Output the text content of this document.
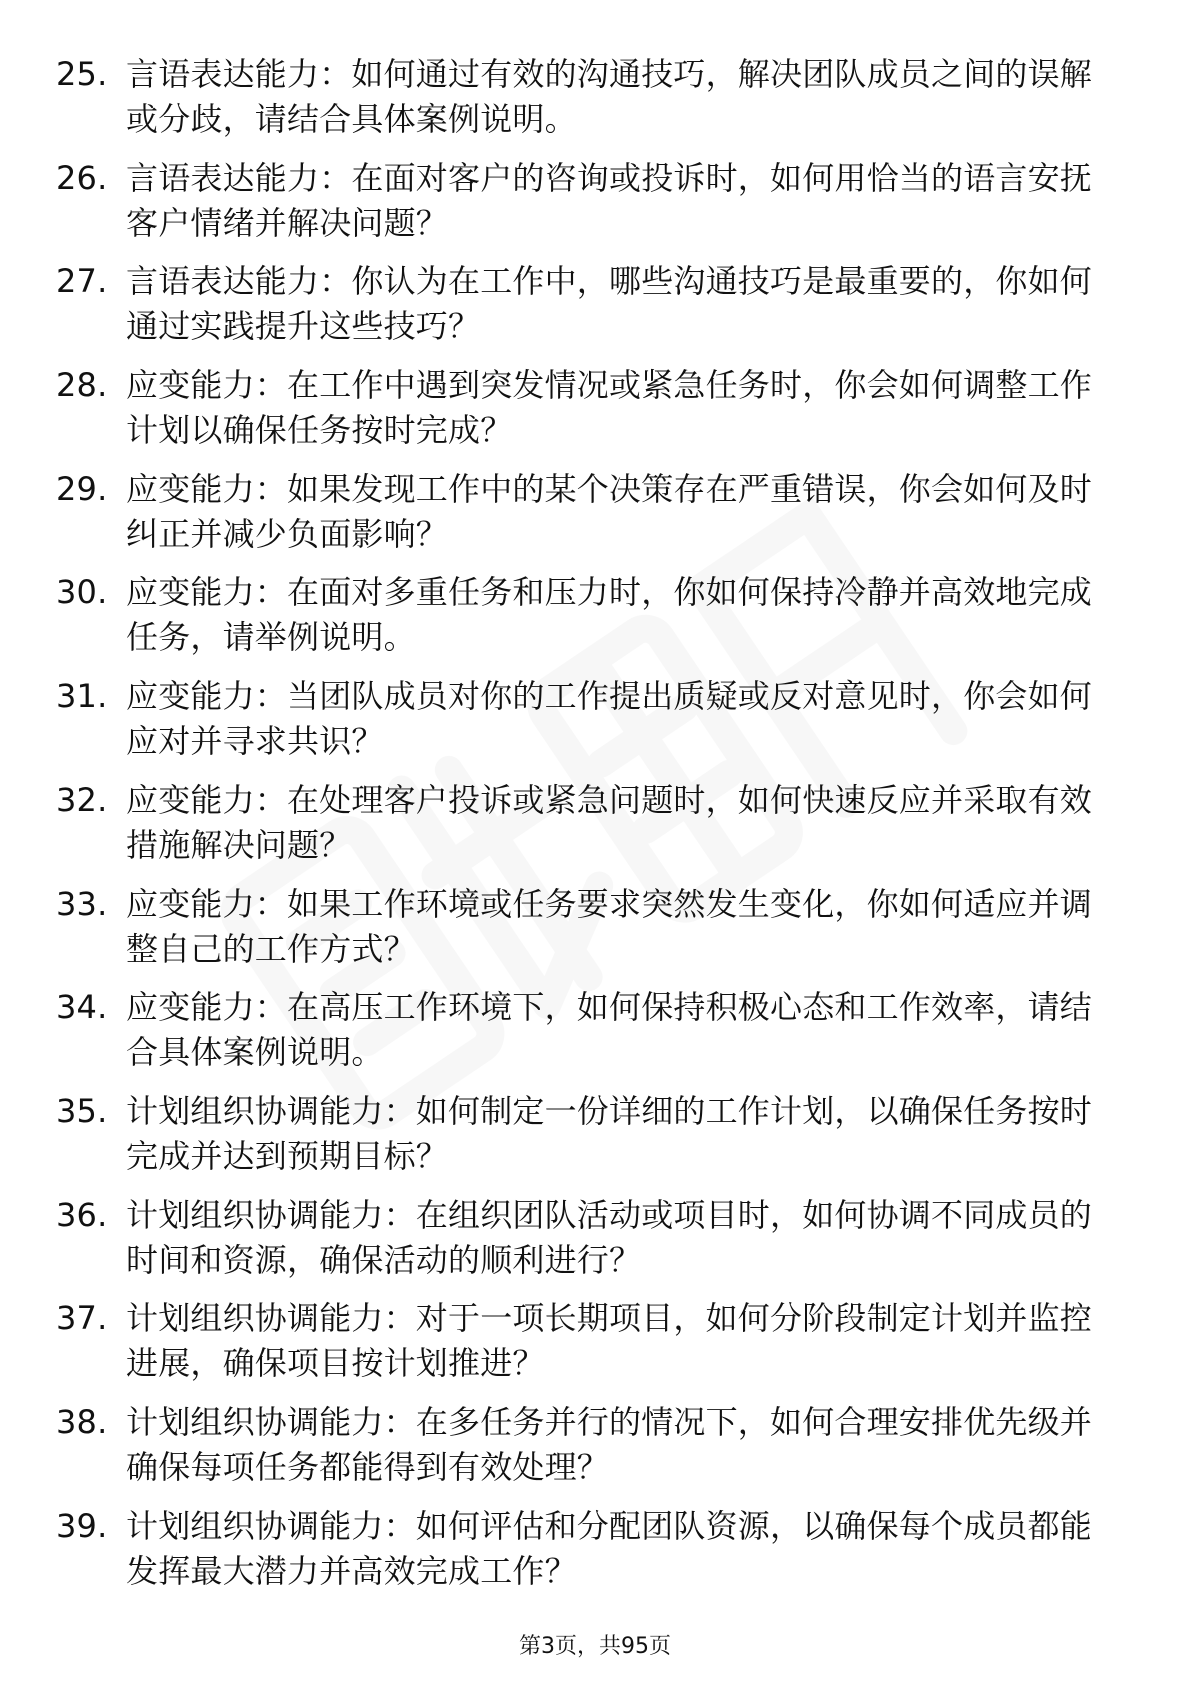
25. 言语表达能力：如何通过有效的沟通技巧，解决团队成员之间的误解或分歧，请结合具体案例说明。
26. 言语表达能力：在面对客户的咨询或投诉时，如何用恰当的语言安抚客户情绪并解决问题？
27. 言语表达能力：你认为在工作中，哪些沟通技巧是最重要的，你如何通过实践提升这些技巧？
28. 应变能力：在工作中遇到突发情况或紧急任务时，你会如何调整工作计划以确保任务按时完成？
29. 应变能力：如果发现工作中的某个决策存在严重错误，你会如何及时纠正并减少负面影响？
30. 应变能力：在面对多重任务和压力时，你如何保持冷静并高效地完成任务，请举例说明。
31. 应变能力：当团队成员对你的工作提出质疑或反对意见时，你会如何应对并寻求共识？
32. 应变能力：在处理客户投诉或紧急问题时，如何快速反应并采取有效措施解决问题？
33. 应变能力：如果工作环境或任务要求突然发生变化，你如何适应并调整自己的工作方式？
34. 应变能力：在高压工作环境下，如何保持积极心态和工作效率，请结合具体案例说明。
35. 计划组织协调能力：如何制定一份详细的工作计划，以确保任务按时完成并达到预期目标？
36. 计划组织协调能力：在组织团队活动或项目时，如何协调不同成员的时间和资源，确保活动的顺利进行？
37. 计划组织协调能力：对于一项长期项目，如何分阶段制定计划并监控进展，确保项目按计划推进？
38. 计划组织协调能力：在多任务并行的情况下，如何合理安排优先级并确保每项任务都能得到有效处理？
39. 计划组织协调能力：如何评估和分配团队资源，以确保每个成员都能发挥最大潜力并高效完成工作？
第3页，共95页
